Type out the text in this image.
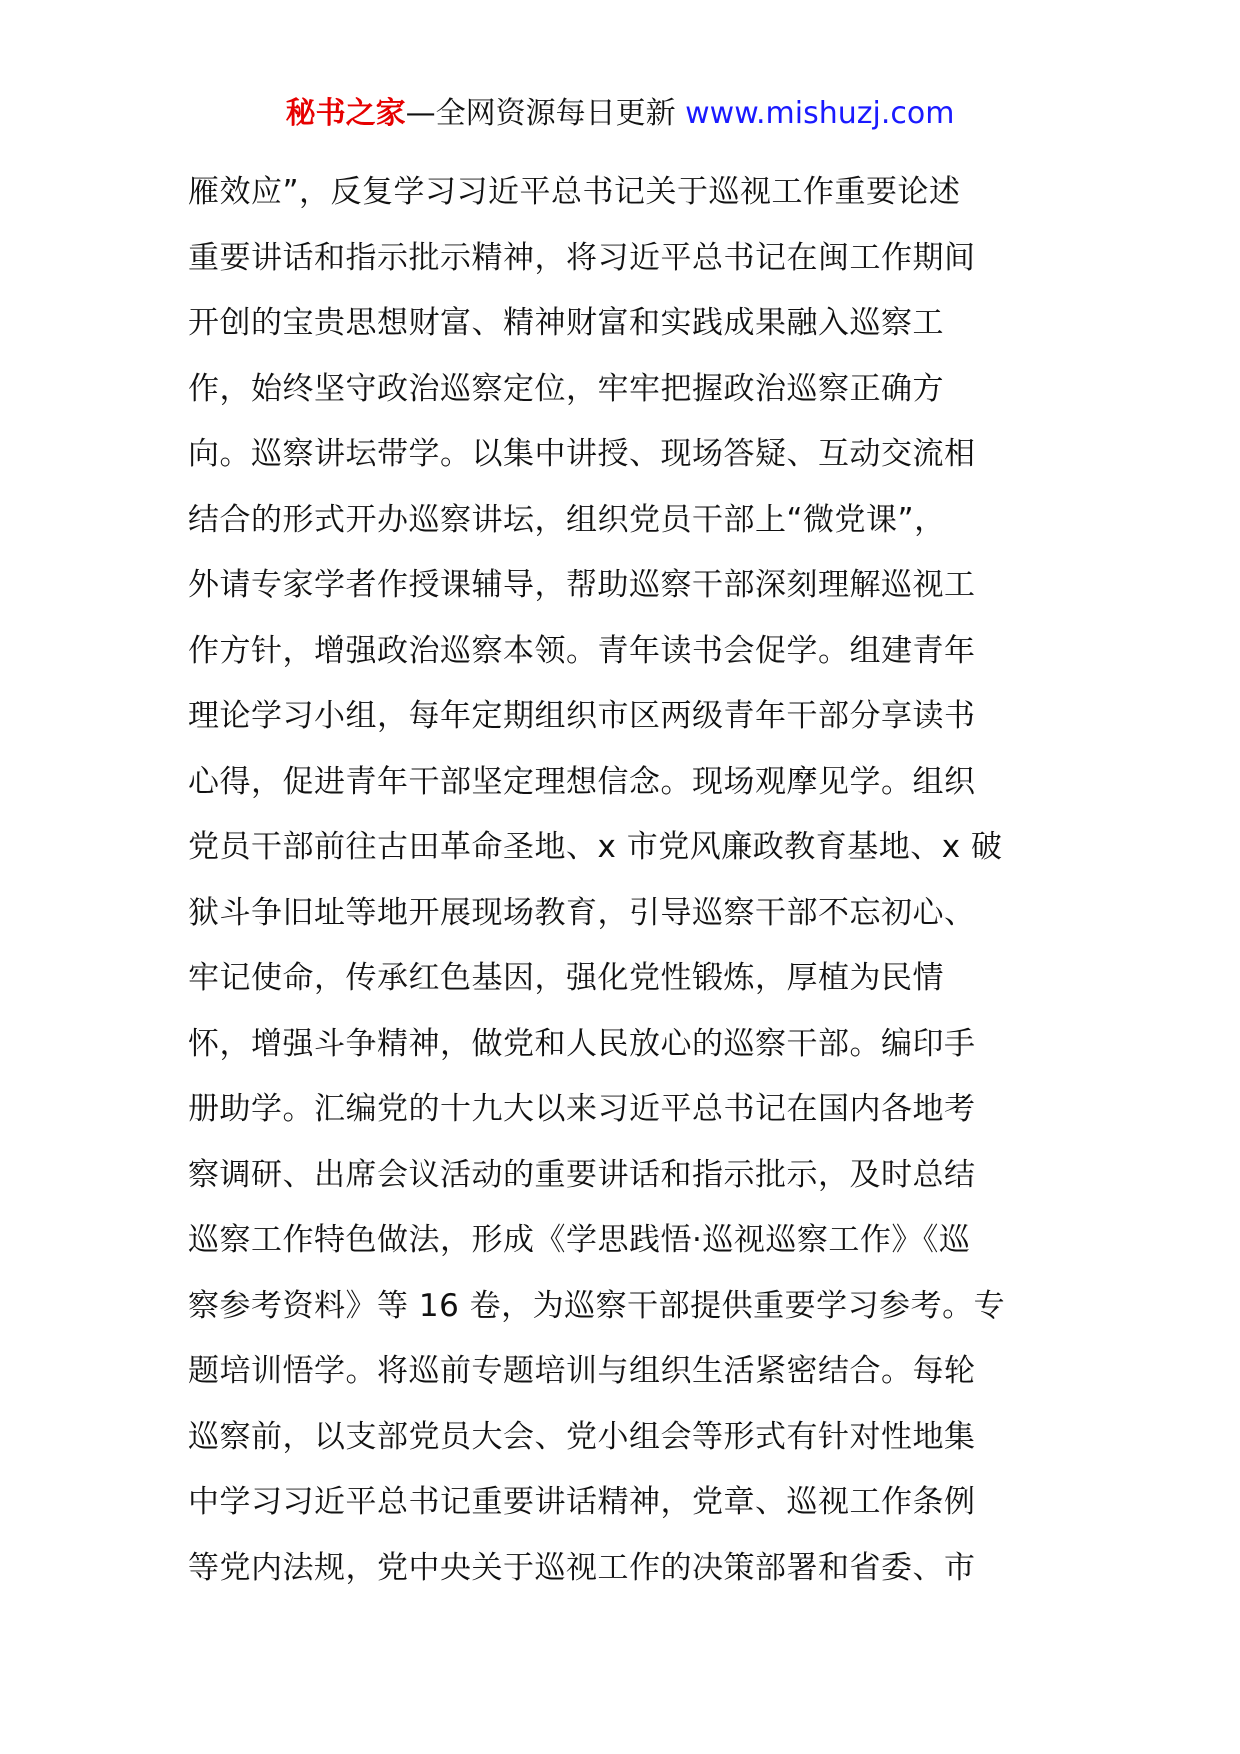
秘书之家—全网资源每日更新 www.mishuzj.com
雁效应”，反复学习习近平总书记关于巡视工作重要论述
重要讲话和指示批示精神，将习近平总书记在闽工作期间
开创的宝贵思想财富、精神财富和实践成果融入巡察工
作，始终坚守政治巡察定位，牢牢把握政治巡察正确方
向。巡察讲坛带学。以集中讲授、现场答疑、互动交流相
结合的形式开办巡察讲坛，组织党员干部上“微党课”，
外请专家学者作授课辅导，帮助巡察干部深刻理解巡视工
作方针，增强政治巡察本领。青年读书会促学。组建青年
理论学习小组，每年定期组织市区两级青年干部分享读书
心得，促进青年干部坚定理想信念。现场观摩见学。组织
党员干部前往古田革命圣地、x 市党风廉政教育基地、x 破
狱斗争旧址等地开展现场教育，引导巡察干部不忘初心、
牢记使命，传承红色基因，强化党性锻炼，厚植为民情
怀，增强斗争精神，做党和人民放心的巡察干部。编印手
册助学。汇编党的十九大以来习近平总书记在国内各地考
察调研、出席会议活动的重要讲话和指示批示，及时总结
巡察工作特色做法，形成《学思践悟·巡视巡察工作》《巡
察参考资料》等 16 卷，为巡察干部提供重要学习参考。专
题培训悟学。将巡前专题培训与组织生活紧密结合。每轮
巡察前，以支部党员大会、党小组会等形式有针对性地集
中学习习近平总书记重要讲话精神，党章、巡视工作条例
等党内法规，党中央关于巡视工作的决策部署和省委、市
